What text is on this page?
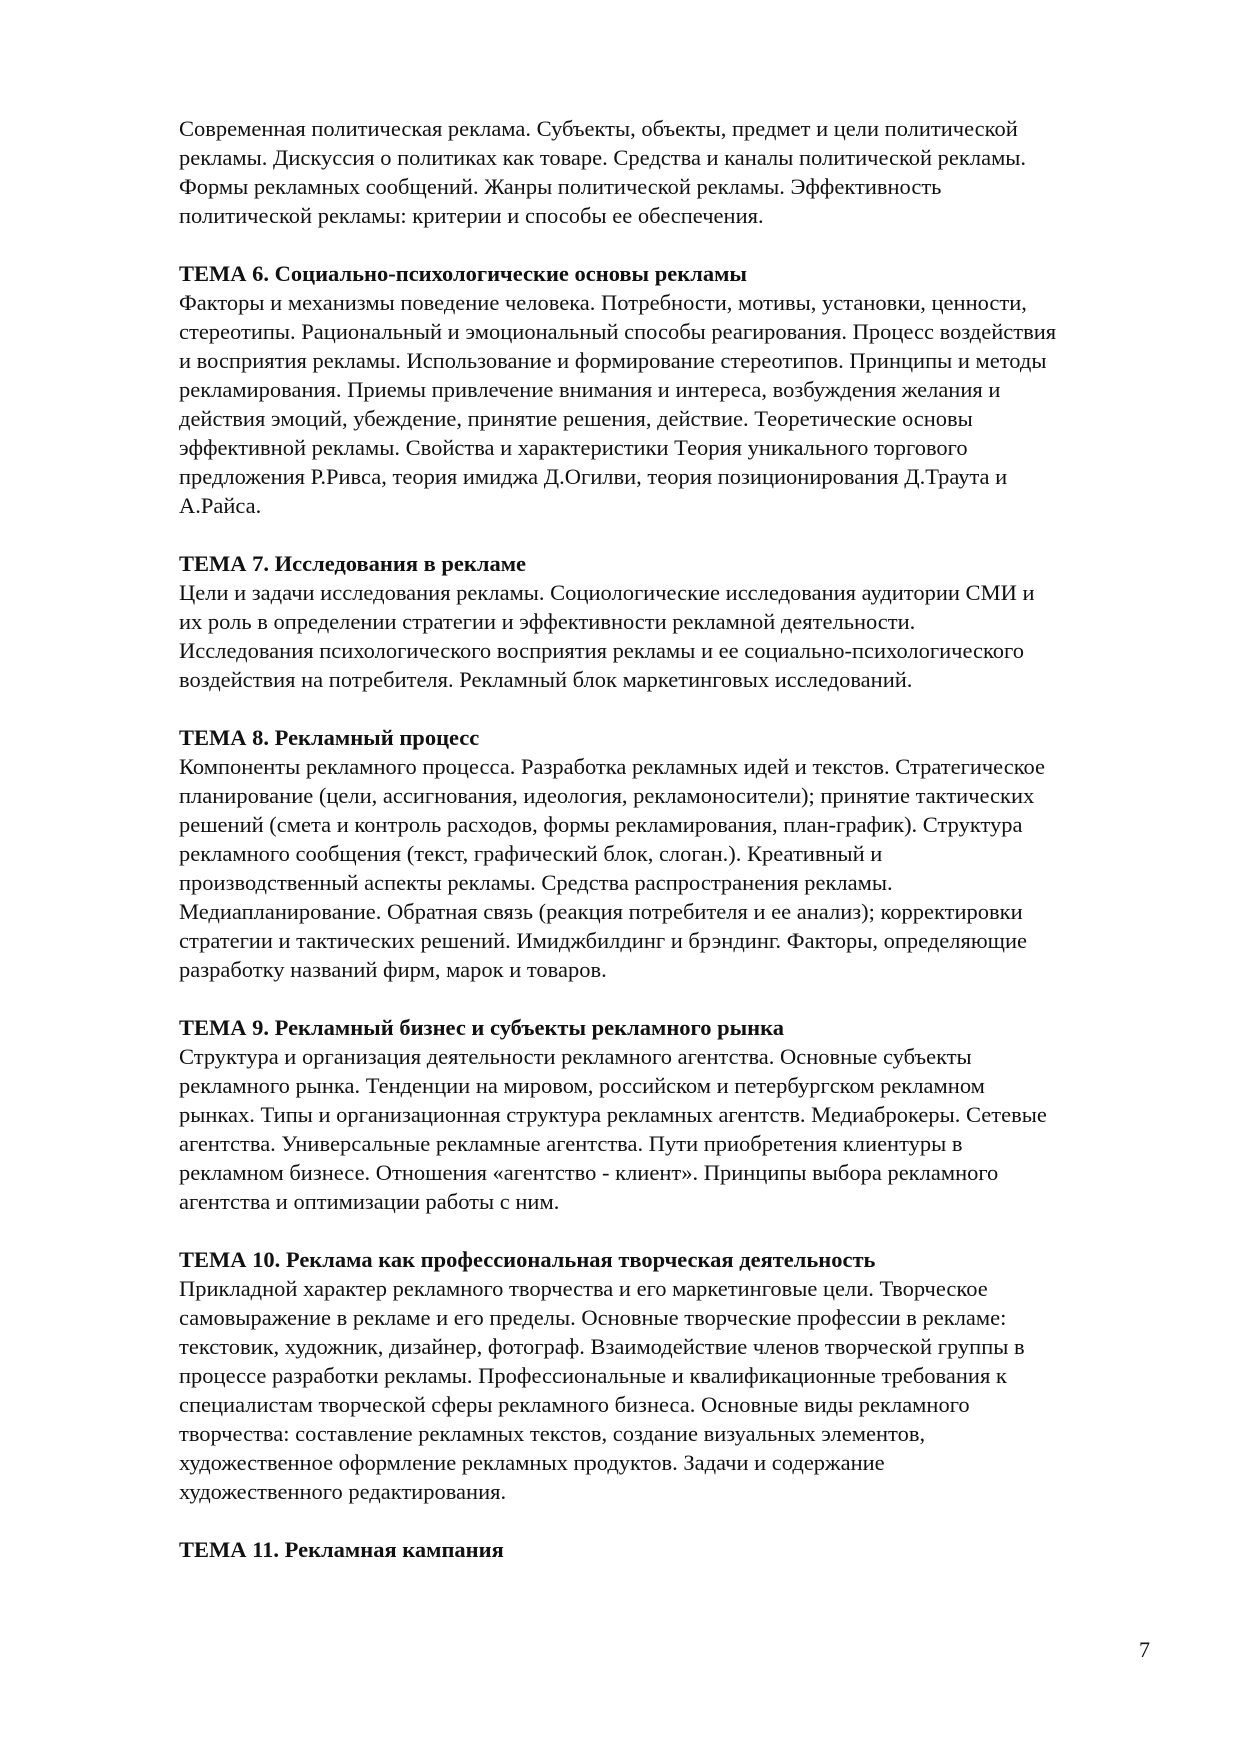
Современная политическая реклама. Субъекты, объекты, предмет и цели политической
рекламы. Дискуссия о политиках как товаре. Средства и каналы политической рекламы.
Формы рекламных сообщений. Жанры политической рекламы. Эффективность
политической рекламы: критерии и способы ее обеспечения.

ТЕМА 6. Социально-психологические основы рекламы

Факторы и механизмы поведение человека. Потребности, мотивы, установки, ценности,
стереотипы. Рациональный и эмоциональный способы реагирования. Процесс воздействия
и восприятия рекламы. Использование и формирование стереотипов. Принципы и методы
рекламирования. Приемы привлечение внимания и интереса, возбуждения желания и
действия эмоций, убеждение, принятие решения, действие. Теоретические основы
эффективной рекламы. Свойства и характеристики Теория уникального торгового
предложения Р.Ривса, теория имиджа Д.Огилви, теория позиционирования Д.Траута и
А.Райса.

ТЕМА 7. Исследования в рекламе

Цели и задачи исследования рекламы. Социологические исследования аудитории СМИ и
их роль в определении стратегии и эффективности рекламной деятельности.
Исследования психологического восприятия рекламы и ее социально-психологического
воздействия на потребителя. Рекламный блок маркетинговых исследований.

ТЕМА 8. Рекламный процесс

Компоненты рекламного процесса. Разработка рекламных идей и текстов. Стратегическое
планирование (цели, ассигнования, идеология, рекламоносители); принятие тактических
решений (смета и контроль расходов, формы рекламирования, план-график). Структура
рекламного сообщения (текст, графический блок, слоган.). Креативный и
производственный аспекты рекламы. Средства распространения рекламы.
Медиапланирование. Обратная связь (реакция потребителя и ее анализ); корректировки
стратегии и тактических решений. Имиджбилдинг и брэндинг. Факторы, определяющие
разработку названий фирм, марок и товаров.

ТЕМА 9. Рекламный бизнес и субъекты рекламного рынка

Структура и организация деятельности рекламного агентства. Основные субъекты
рекламного рынка. Тенденции на мировом, российском и петербургском рекламном
рынках. Типы и организационная структура рекламных агентств. Медиаброкеры. Сетевые
агентства. Универсальные рекламные агентства. Пути приобретения клиентуры в
рекламном бизнесе. Отношения «агентство - клиент». Принципы выбора рекламного
агентства и оптимизации работы с ним.

ТЕМА 10. Реклама как профессиональная творческая деятельность

Прикладной характер рекламного творчества и его маркетинговые цели. Творческое
самовыражение в рекламе и его пределы. Основные творческие профессии в рекламе:
текстовик, художник, дизайнер, фотограф. Взаимодействие членов творческой группы в
процессе разработки рекламы. Профессиональные и квалификационные требования к
специалистам творческой сферы рекламного бизнеса. Основные виды рекламного
творчества: составление рекламных текстов, создание визуальных элементов,
художественное оформление рекламных продуктов. Задачи и содержание
художественного редактирования.

ТЕМА 11. Рекламная кампания

7
